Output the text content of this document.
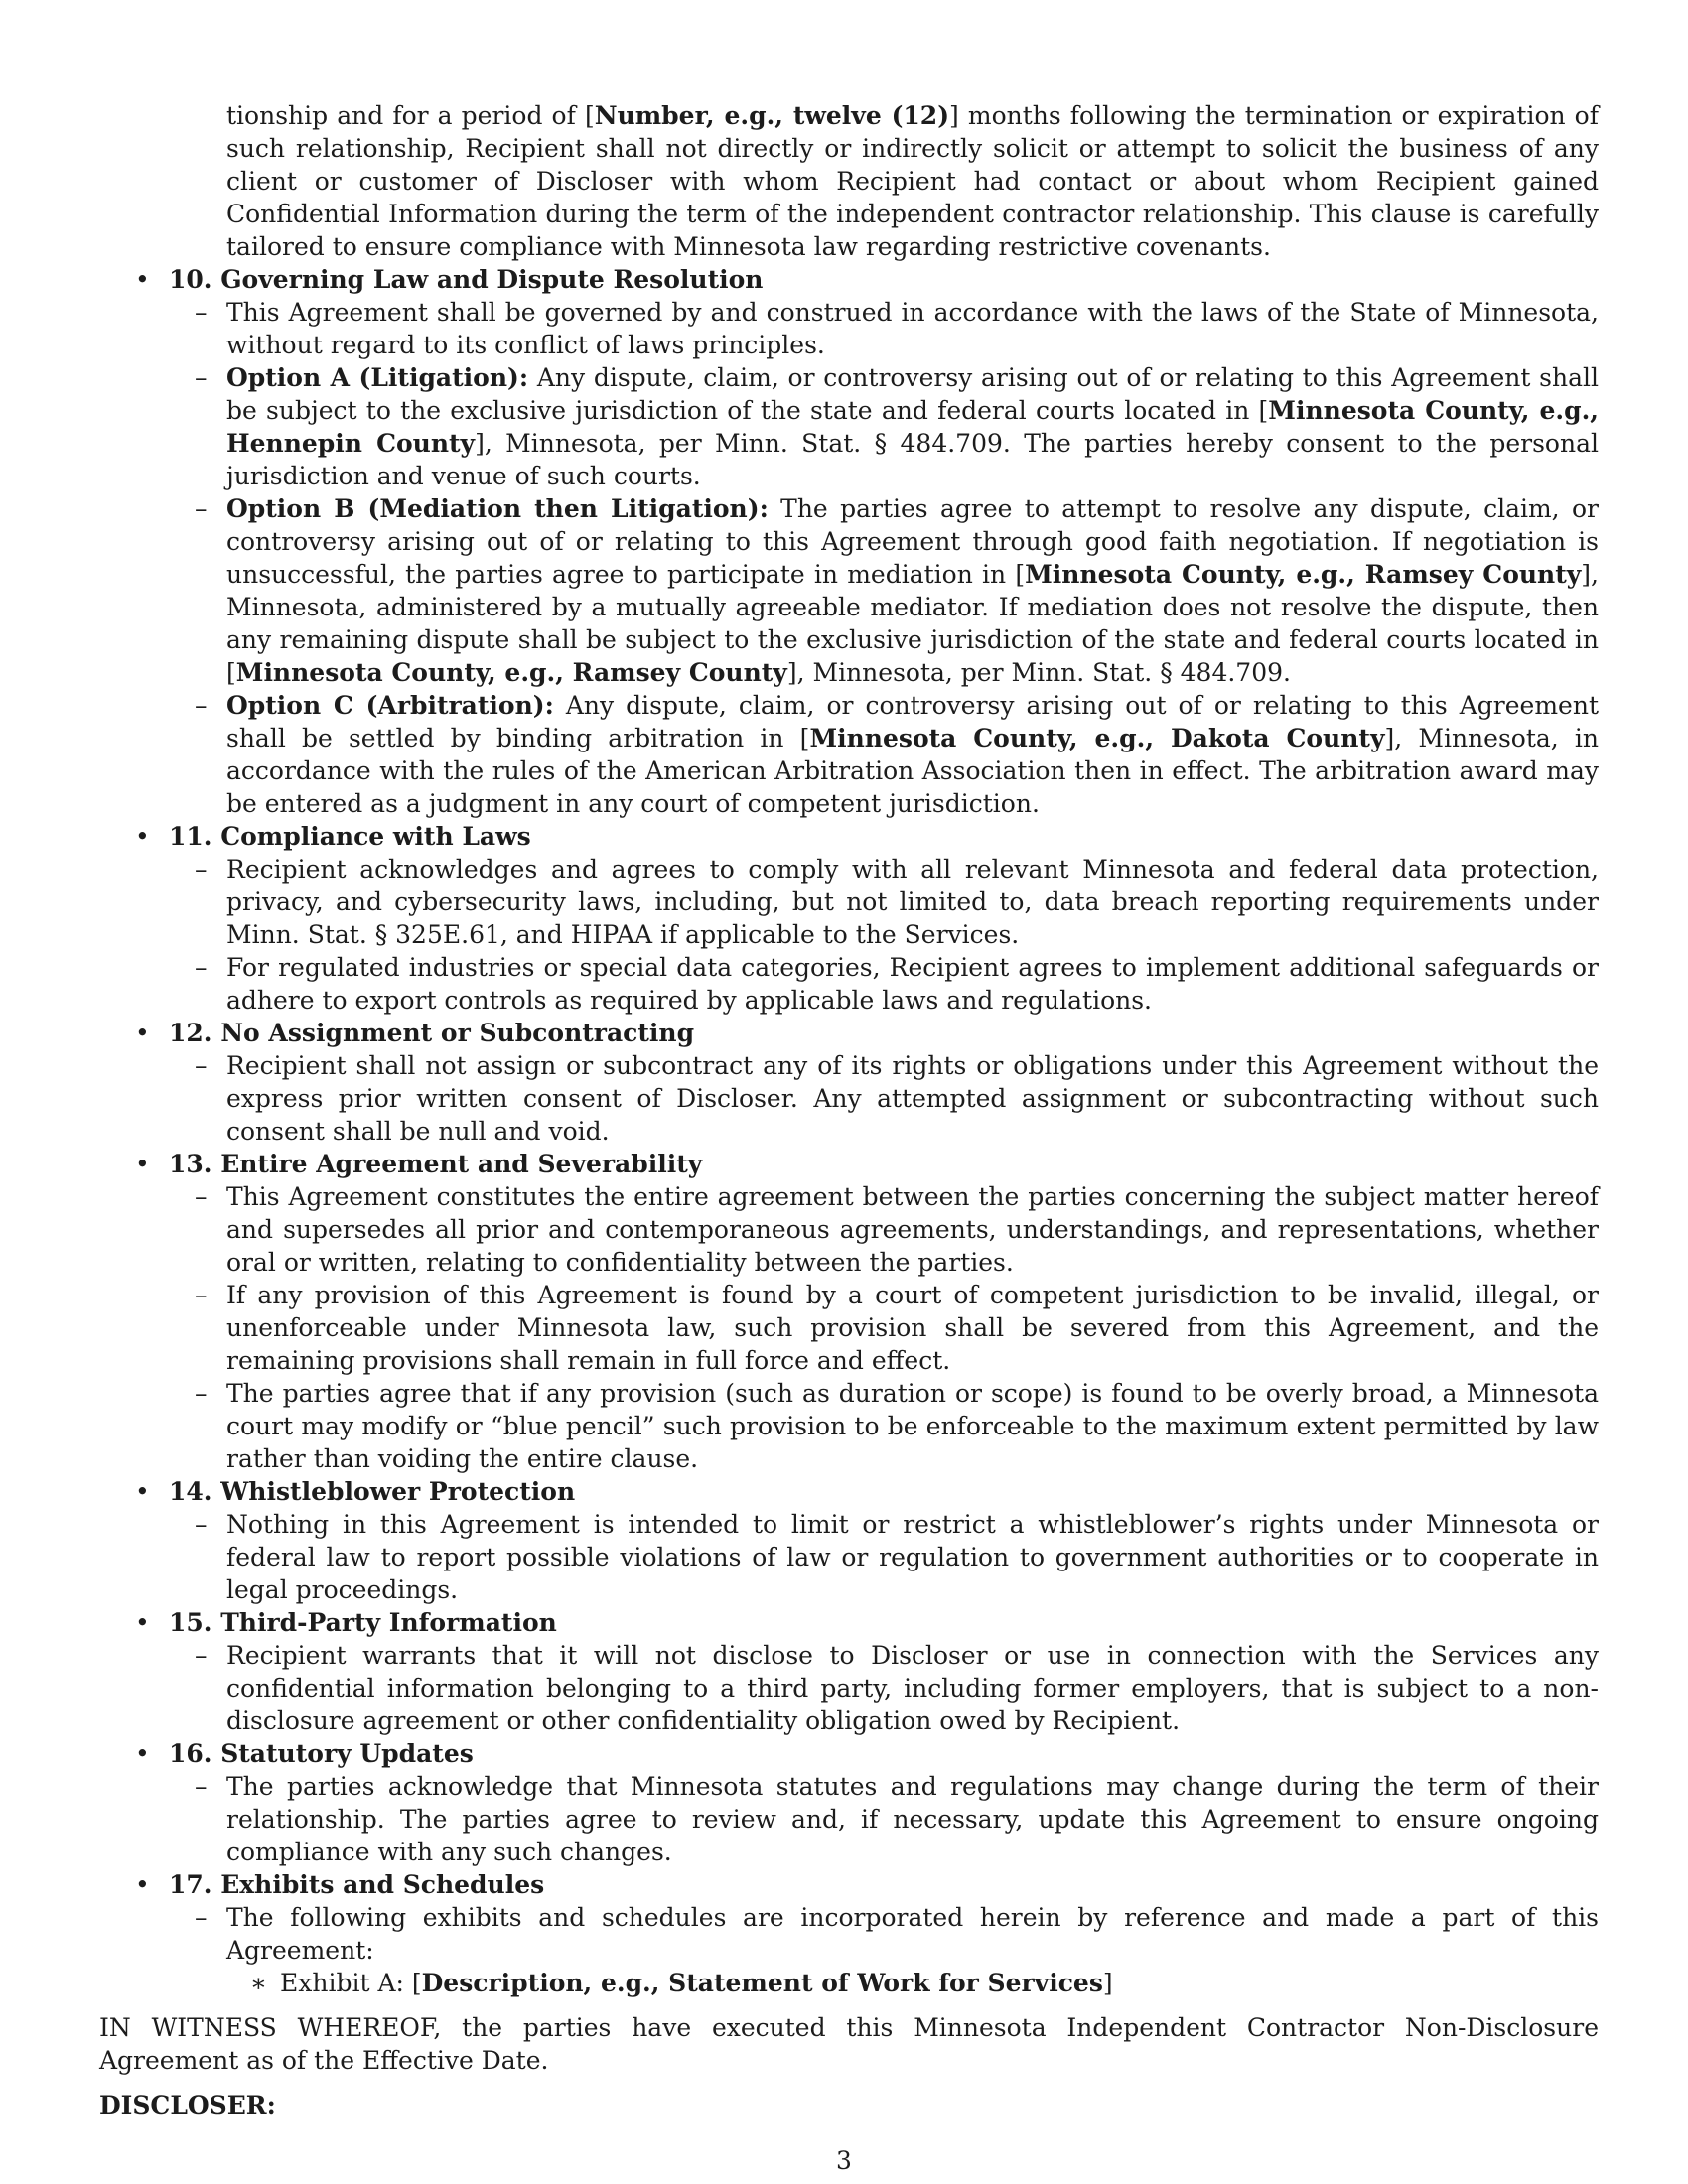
tionship and for a period of [Number, e.g., twelve (12)] months following the termination or expiration of such relationship, Recipient shall not directly or indirectly solicit or attempt to solicit the business of any client or customer of Discloser with whom Recipient had contact or about whom Recipient gained Confidential Information during the term of the independent contractor relationship. This clause is carefully tailored to ensure compliance with Minnesota law regarding restrictive covenants.

• 10. Governing Law and Dispute Resolution
– This Agreement shall be governed by and construed in accordance with the laws of the State of Minnesota, without regard to its conflict of laws principles.
– Option A (Litigation): Any dispute, claim, or controversy arising out of or relating to this Agreement shall be subject to the exclusive jurisdiction of the state and federal courts located in [Minnesota County, e.g., Hennepin County], Minnesota, per Minn. Stat. § 484.709. The parties hereby consent to the personal jurisdiction and venue of such courts.
– Option B (Mediation then Litigation): The parties agree to attempt to resolve any dispute, claim, or controversy arising out of or relating to this Agreement through good faith negotiation. If negotiation is unsuccessful, the parties agree to participate in mediation in [Minnesota County, e.g., Ramsey County], Minnesota, administered by a mutually agreeable mediator. If mediation does not resolve the dispute, then any remaining dispute shall be subject to the exclusive jurisdiction of the state and federal courts located in [Minnesota County, e.g., Ramsey County], Minnesota, per Minn. Stat. § 484.709.
– Option C (Arbitration): Any dispute, claim, or controversy arising out of or relating to this Agreement shall be settled by binding arbitration in [Minnesota County, e.g., Dakota County], Minnesota, in accordance with the rules of the American Arbitration Association then in effect. The arbitration award may be entered as a judgment in any court of competent jurisdiction.
• 11. Compliance with Laws
– Recipient acknowledges and agrees to comply with all relevant Minnesota and federal data protection, privacy, and cybersecurity laws, including, but not limited to, data breach reporting requirements under Minn. Stat. § 325E.61, and HIPAA if applicable to the Services.
– For regulated industries or special data categories, Recipient agrees to implement additional safeguards or adhere to export controls as required by applicable laws and regulations.
• 12. No Assignment or Subcontracting
– Recipient shall not assign or subcontract any of its rights or obligations under this Agreement without the express prior written consent of Discloser. Any attempted assignment or subcontracting without such consent shall be null and void.
• 13. Entire Agreement and Severability
– This Agreement constitutes the entire agreement between the parties concerning the subject matter hereof and supersedes all prior and contemporaneous agreements, understandings, and representations, whether oral or written, relating to confidentiality between the parties.
– If any provision of this Agreement is found by a court of competent jurisdiction to be invalid, illegal, or unenforceable under Minnesota law, such provision shall be severed from this Agreement, and the remaining provisions shall remain in full force and effect.
– The parties agree that if any provision (such as duration or scope) is found to be overly broad, a Minnesota court may modify or “blue pencil” such provision to be enforceable to the maximum extent permitted by law rather than voiding the entire clause.
• 14. Whistleblower Protection
– Nothing in this Agreement is intended to limit or restrict a whistleblower’s rights under Minnesota or federal law to report possible violations of law or regulation to government authorities or to cooperate in legal proceedings.
• 15. Third-Party Information
– Recipient warrants that it will not disclose to Discloser or use in connection with the Services any confidential information belonging to a third party, including former employers, that is subject to a non-disclosure agreement or other confidentiality obligation owed by Recipient.
• 16. Statutory Updates
– The parties acknowledge that Minnesota statutes and regulations may change during the term of their relationship. The parties agree to review and, if necessary, update this Agreement to ensure ongoing compliance with any such changes.
• 17. Exhibits and Schedules
– The following exhibits and schedules are incorporated herein by reference and made a part of this Agreement:
∗ Exhibit A: [Description, e.g., Statement of Work for Services]

IN WITNESS WHEREOF, the parties have executed this Minnesota Independent Contractor Non-Disclosure Agreement as of the Effective Date.

DISCLOSER:

3
